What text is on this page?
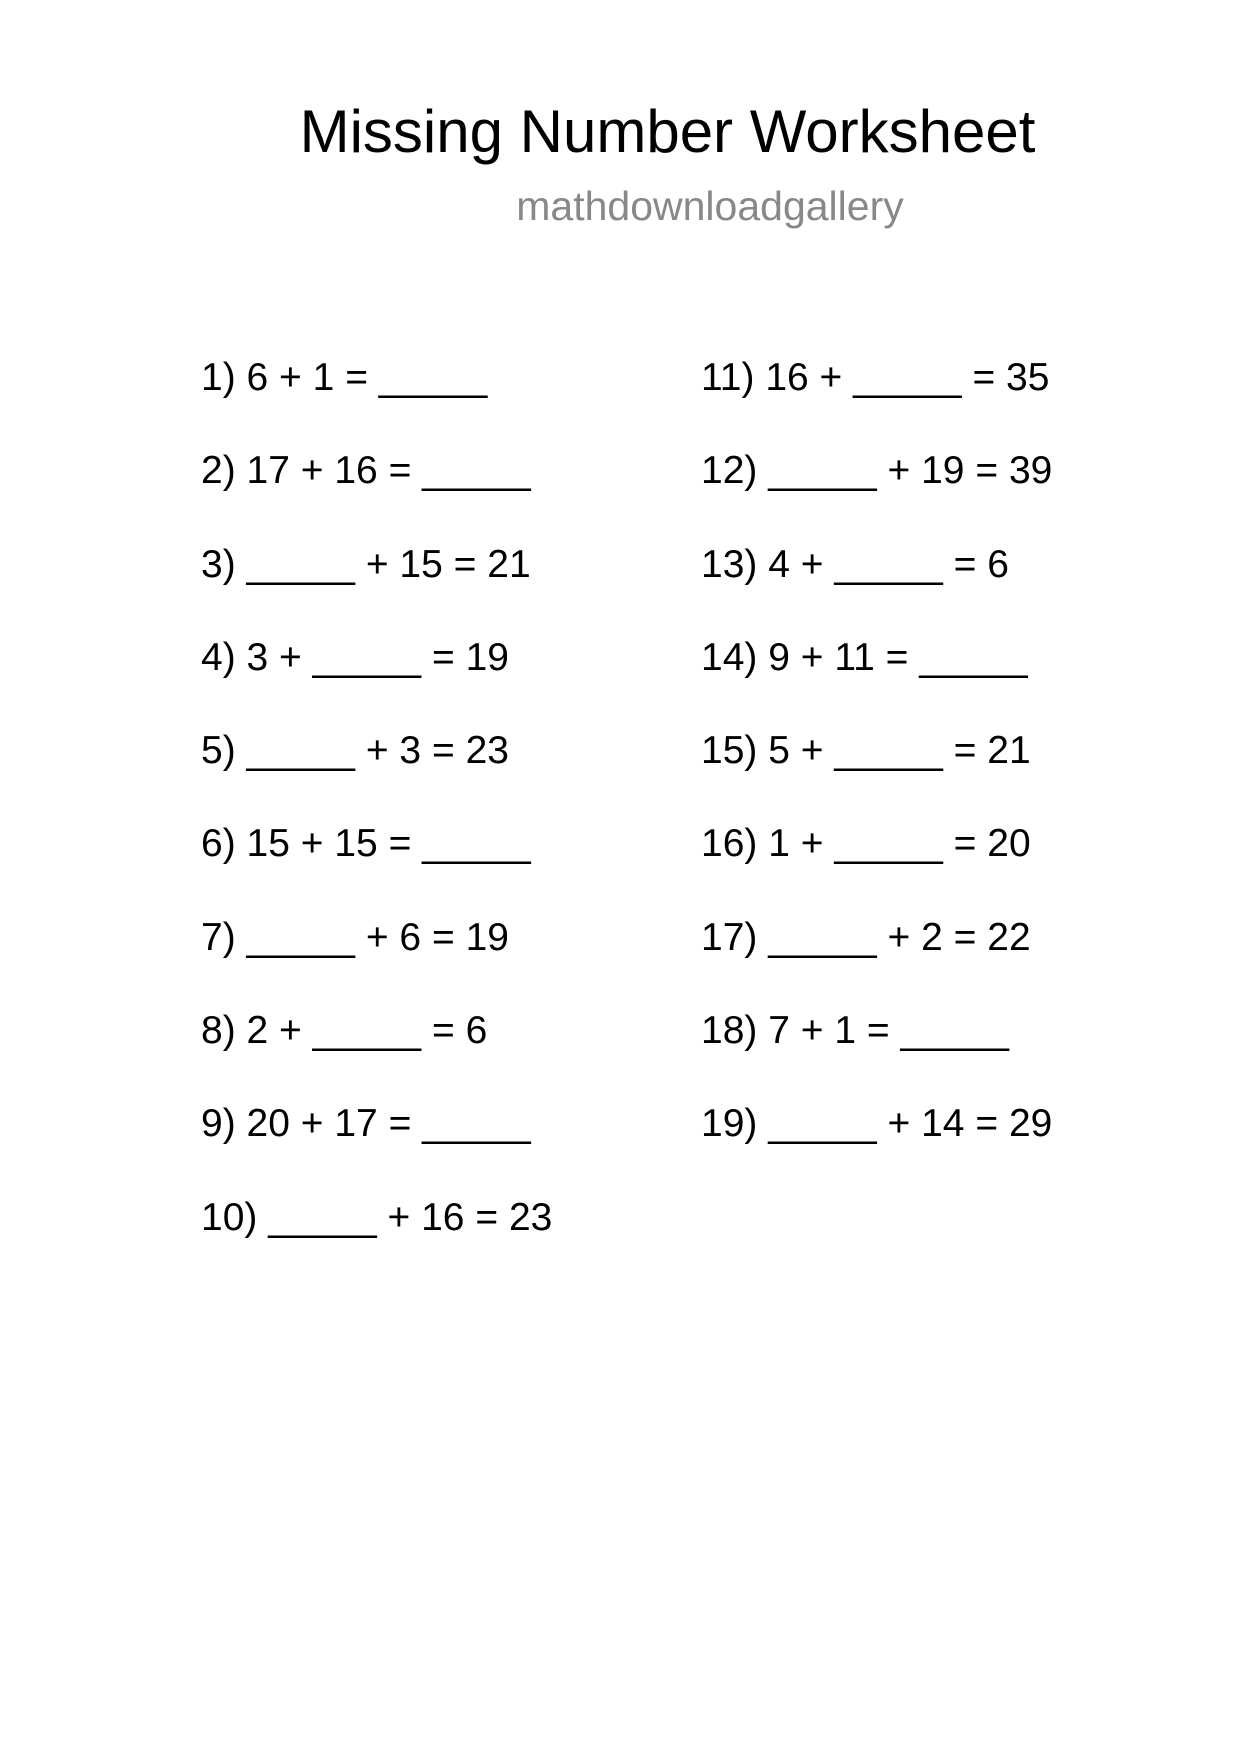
Missing Number Worksheet
mathdownloadgallery
1) 6 + 1 = _____
2) 17 + 16 = _____
3) _____ + 15 = 21
4) 3 + _____ = 19
5) _____ + 3 = 23
6) 15 + 15 = _____
7) _____ + 6 = 19
8) 2 + _____ = 6
9) 20 + 17 = _____
10) _____ + 16 = 23
11) 16 + _____ = 35
12) _____ + 19 = 39
13) 4 + _____ = 6
14) 9 + 11 = _____
15) 5 + _____ = 21
16) 1 + _____ = 20
17) _____ + 2 = 22
18) 7 + 1 = _____
19) _____ + 14 = 29
